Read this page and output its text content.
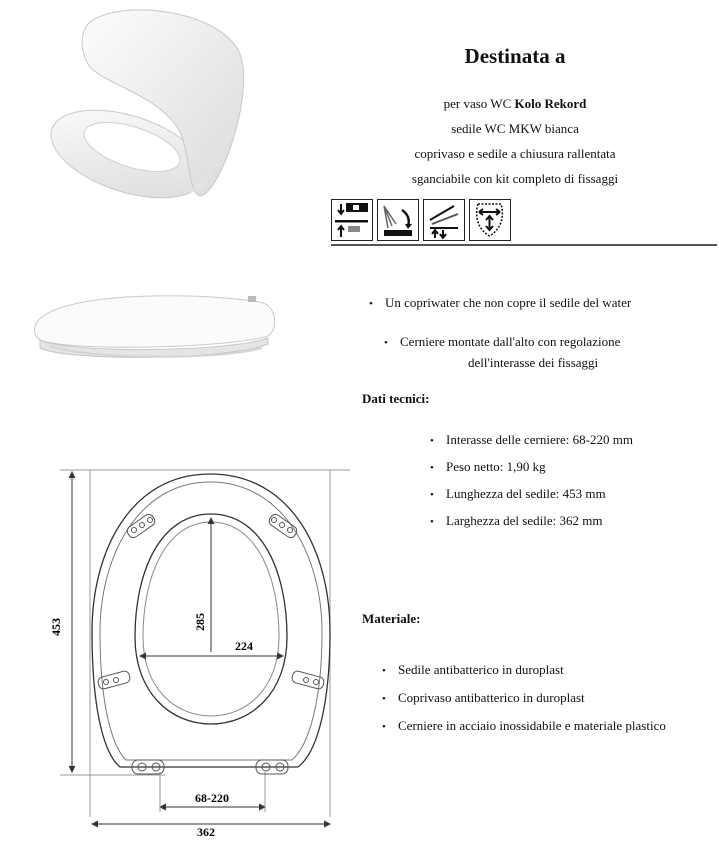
Destinata a
per vaso WC Kolo Rekord
sedile WC MKW bianca
coprivaso e sedile a chiusura rallentata
sganciabile con kit completo di fissaggi
• Un copriwater che non copre il sedile del water
• Cerniere montate dall'alto con regolazione
dell'interasse dei fissaggi
Dati tecnici:
• Interasse delle cerniere: 68-220 mm
• Peso netto: 1,90 kg
• Lunghezza del sedile: 453 mm
• Larghezza del sedile: 362 mm
Materiale:
• Sedile antibatterico in duroplast
• Coprivaso antibatterico in duroplast
• Cerniere in acciaio inossidabile e materiale plastico
453	285
224
68-220
362
